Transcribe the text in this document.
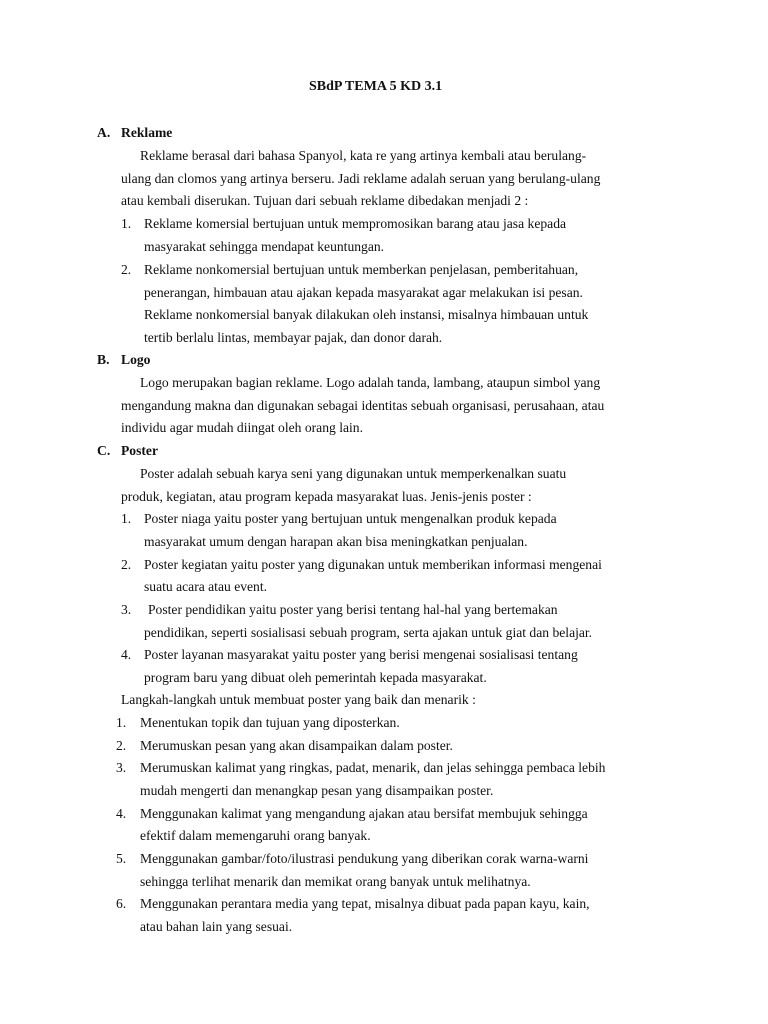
SBdP TEMA 5 KD 3.1
A. Reklame
Reklame berasal dari bahasa Spanyol, kata re yang artinya kembali atau berulang-
ulang dan clomos yang artinya berseru. Jadi reklame adalah seruan yang berulang-ulang
atau kembali diserukan. Tujuan dari sebuah reklame dibedakan menjadi 2 :
1. Reklame komersial bertujuan untuk mempromosikan barang atau jasa kepada
masyarakat sehingga mendapat keuntungan.
2. Reklame nonkomersial bertujuan untuk memberkan penjelasan, pemberitahuan,
penerangan, himbauan atau ajakan kepada masyarakat agar melakukan isi pesan.
Reklame nonkomersial banyak dilakukan oleh instansi, misalnya himbauan untuk
tertib berlalu lintas, membayar pajak, dan donor darah.
B. Logo
Logo merupakan bagian reklame. Logo adalah tanda, lambang, ataupun simbol yang
mengandung makna dan digunakan sebagai identitas sebuah organisasi, perusahaan, atau
individu agar mudah diingat oleh orang lain.
C. Poster
Poster adalah sebuah karya seni yang digunakan untuk memperkenalkan suatu
produk, kegiatan, atau program kepada masyarakat luas. Jenis-jenis poster :
1. Poster niaga yaitu poster yang bertujuan untuk mengenalkan produk kepada
masyarakat umum dengan harapan akan bisa meningkatkan penjualan.
2. Poster kegiatan yaitu poster yang digunakan untuk memberikan informasi mengenai
suatu acara atau event.
3. Poster pendidikan yaitu poster yang berisi tentang hal-hal yang bertemakan
pendidikan, seperti sosialisasi sebuah program, serta ajakan untuk giat dan belajar.
4. Poster layanan masyarakat yaitu poster yang berisi mengenai sosialisasi tentang
program baru yang dibuat oleh pemerintah kepada masyarakat.
Langkah-langkah untuk membuat poster yang baik dan menarik :
1. Menentukan topik dan tujuan yang diposterkan.
2. Merumuskan pesan yang akan disampaikan dalam poster.
3. Merumuskan kalimat yang ringkas, padat, menarik, dan jelas sehingga pembaca lebih
mudah mengerti dan menangkap pesan yang disampaikan poster.
4. Menggunakan kalimat yang mengandung ajakan atau bersifat membujuk sehingga
efektif dalam memengaruhi orang banyak.
5. Menggunakan gambar/foto/ilustrasi pendukung yang diberikan corak warna-warni
sehingga terlihat menarik dan memikat orang banyak untuk melihatnya.
6. Menggunakan perantara media yang tepat, misalnya dibuat pada papan kayu, kain,
atau bahan lain yang sesuai.
